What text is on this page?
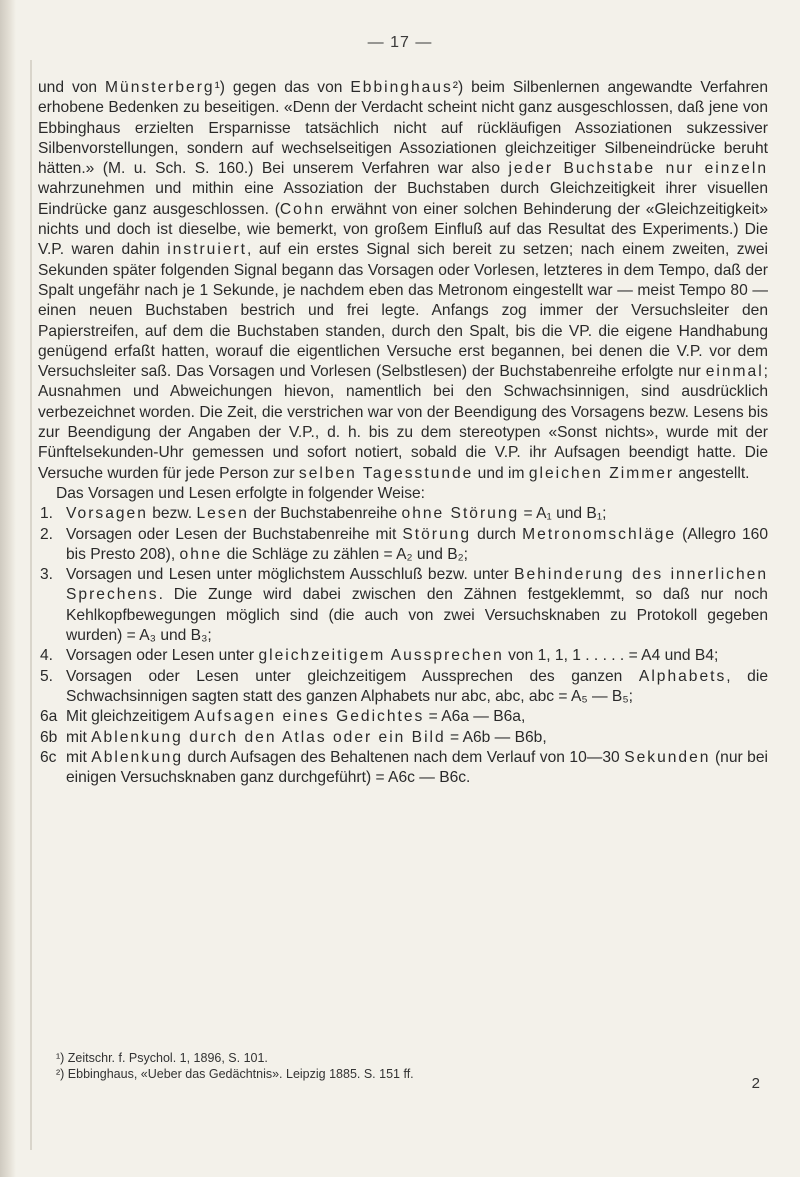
— 17 —

und von Münsterberg¹) gegen das von Ebbinghaus²) beim Silbenlernen angewandte Verfahren erhobene Bedenken zu beseitigen. «Denn der Verdacht scheint nicht ganz ausgeschlossen, daß jene von Ebbinghaus erzielten Ersparnisse tatsächlich nicht auf rückläufigen Assoziationen sukzessiver Silbenvorstellungen, sondern auf wechselseitigen Assoziationen gleichzeitiger Silbeneindrücke beruht hätten.» (M. u. Sch. S. 160.) Bei unserem Verfahren war also jeder Buchstabe nur einzeln wahrzunehmen und mithin eine Assoziation der Buchstaben durch Gleichzeitigkeit ihrer visuellen Eindrücke ganz ausgeschlossen. (Cohn erwähnt von einer solchen Behinderung der «Gleichzeitigkeit» nichts und doch ist dieselbe, wie bemerkt, von großem Einfluß auf das Resultat des Experiments.) Die V.P. waren dahin instruiert, auf ein erstes Signal sich bereit zu setzen; nach einem zweiten, zwei Sekunden später folgenden Signal begann das Vorsagen oder Vorlesen, letzteres in dem Tempo, daß der Spalt ungefähr nach je 1 Sekunde, je nachdem eben das Metronom eingestellt war — meist Tempo 80 — einen neuen Buchstaben bestrich und frei legte. Anfangs zog immer der Versuchsleiter den Papierstreifen, auf dem die Buchstaben standen, durch den Spalt, bis die VP. die eigene Handhabung genügend erfaßt hatten, worauf die eigentlichen Versuche erst begannen, bei denen die V.P. vor dem Versuchsleiter saß. Das Vorsagen und Vorlesen (Selbstlesen) der Buchstabenreihe erfolgte nur einmal; Ausnahmen und Abweichungen hievon, namentlich bei den Schwachsinnigen, sind ausdrücklich verbezeichnet worden. Die Zeit, die verstrichen war von der Beendigung des Vorsagens bezw. Lesens bis zur Beendigung der Angaben der V.P., d. h. bis zu dem stereotypen «Sonst nichts», wurde mit der Fünftelsekunden-Uhr gemessen und sofort notiert, sobald die V.P. ihr Aufsagen beendigt hatte. Die Versuche wurden für jede Person zur selben Tagesstunde und im gleichen Zimmer angestellt.

Das Vorsagen und Lesen erfolgte in folgender Weise:

1. Vorsagen bezw. Lesen der Buchstabenreihe ohne Störung = A₁ und B₁;
2. Vorsagen oder Lesen der Buchstabenreihe mit Störung durch Metronomschläge (Allegro 160 bis Presto 208), ohne die Schläge zu zählen = A₂ und B₂;
3. Vorsagen und Lesen unter möglichstem Ausschluß bezw. unter Behinderung des innerlichen Sprechens. Die Zunge wird dabei zwischen den Zähnen festgeklemmt, so daß nur noch Kehlkopfbewegungen möglich sind (die auch von zwei Versuchsknaben zu Protokoll gegeben wurden) = A₃ und B₃;
4. Vorsagen oder Lesen unter gleichzeitigem Aussprechen von 1, 1, 1 . . . . . = A4 und B4;
5. Vorsagen oder Lesen unter gleichzeitigem Aussprechen des ganzen Alphabets, die Schwachsinnigen sagten statt des ganzen Alphabets nur abc, abc, abc = A₅ — B₅;
6a Mit gleichzeitigem Aufsagen eines Gedichtes = A6a — B6a,
6b mit Ablenkung durch den Atlas oder ein Bild = A6b — B6b,
6c mit Ablenkung durch Aufsagen des Behaltenen nach dem Verlauf von 10—30 Sekunden (nur bei einigen Versuchsknaben ganz durchgeführt) = A6c — B6c.

¹) Zeitschr. f. Psychol. 1, 1896, S. 101.

²) Ebbinghaus, «Ueber das Gedächtnis». Leipzig 1885. S. 151 ff.

2
